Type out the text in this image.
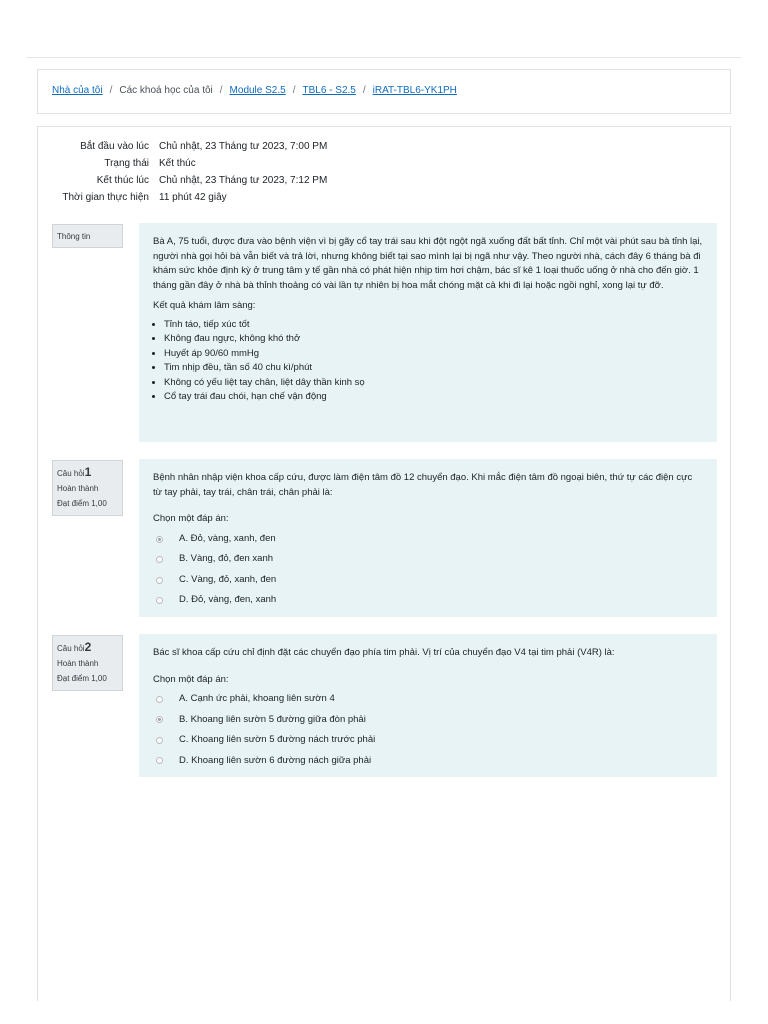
Nhà của tôi / Các khoá học của tôi / Module S2.5 / TBL6 - S2.5 / iRAT-TBL6-YK1PH
Bắt đầu vào lúc Chủ nhật, 23 Tháng tư 2023, 7:00 PM
Trạng thái Kết thúc
Kết thúc lúc Chủ nhật, 23 Tháng tư 2023, 7:12 PM
Thời gian thực hiện 11 phút 42 giây
Thông tin	Bà A, 75 tuổi, được đưa vào bệnh viện vì bị gãy cổ tay trái sau khi đột ngột ngã xuống đất bất tỉnh. Chỉ một vài phút sau bà tỉnh lại, người nhà gọi hỏi bà vẫn biết và trả lời, nhưng không biết tại sao mình lại bị ngã như vậy. Theo người nhà, cách đây 6 tháng bà đi khám sức khỏe định kỳ ở trung tâm y tế gần nhà có phát hiện nhịp tim hơi chậm, bác sĩ kê 1 loại thuốc uống ở nhà cho đến giờ. 1 tháng gần đây ở nhà bà thỉnh thoảng có vài lần tự nhiên bị hoa mắt chóng mặt cả khi đi lại hoặc ngồi nghỉ, xong lại tự đỡ.

Kết quả khám lâm sàng:
• Tỉnh táo, tiếp xúc tốt
• Không đau ngực, không khó thở
• Huyết áp 90/60 mmHg
• Tim nhịp đều, tần số 40 chu kì/phút
• Không có yếu liệt tay chân, liệt dây thần kinh sọ
• Cổ tay trái đau chói, hạn chế vận động
Câu hỏi1
Hoàn thành
Đạt điểm 1,00
Bệnh nhân nhập viện khoa cấp cứu, được làm điện tâm đồ 12 chuyển đạo. Khi mắc điện tâm đồ ngoại biên, thứ tự các điện cực từ tay phải, tay trái, chân trái, chân phải là:
Chọn một đáp án:
A. Đỏ, vàng, xanh, đen
B. Vàng, đỏ, đen xanh
C. Vàng, đỏ, xanh, đen
D. Đỏ, vàng, đen, xanh
Câu hỏi2
Hoàn thành
Đạt điểm 1,00
Bác sĩ khoa cấp cứu chỉ định đặt các chuyển đạo phía tim phải. Vị trí của chuyển đạo V4 tại tim phải (V4R) là:
Chọn một đáp án:
A. Cạnh ức phải, khoang liên sườn 4
B. Khoang liên sườn 5 đường giữa đòn phải
C. Khoang liên sườn 5 đường nách trước phải
D. Khoang liên sườn 6 đường nách giữa phải
